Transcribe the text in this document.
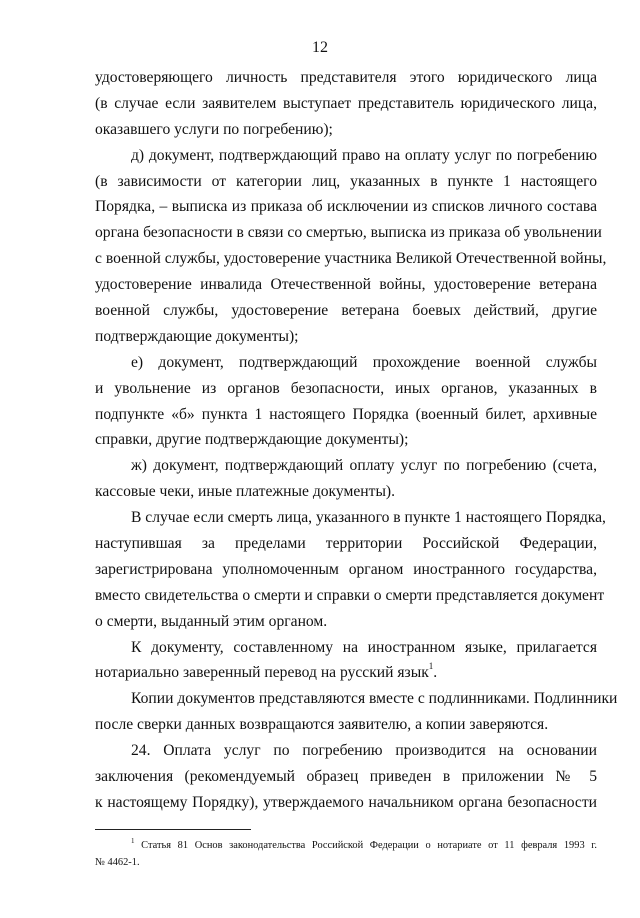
12
удостоверяющего личность представителя этого юридического лица
(в случае если заявителем выступает представитель юридического лица,
оказавшего услуги по погребению);
д) документ, подтверждающий право на оплату услуг по погребению
(в зависимости от категории лиц, указанных в пункте 1 настоящего
Порядка, – выписка из приказа об исключении из списков личного состава
органа безопасности в связи со смертью, выписка из приказа об увольнении
с военной службы, удостоверение участника Великой Отечественной войны,
удостоверение инвалида Отечественной войны, удостоверение ветерана
военной службы, удостоверение ветерана боевых действий, другие
подтверждающие документы);
е) документ, подтверждающий прохождение военной службы
и увольнение из органов безопасности, иных органов, указанных в
подпункте «б» пункта 1 настоящего Порядка (военный билет, архивные
справки, другие подтверждающие документы);
ж) документ, подтверждающий оплату услуг по погребению (счета,
кассовые чеки, иные платежные документы).
В случае если смерть лица, указанного в пункте 1 настоящего Порядка,
наступившая за пределами территории Российской Федерации,
зарегистрирована уполномоченным органом иностранного государства,
вместо свидетельства о смерти и справки о смерти представляется документ
о смерти, выданный этим органом.
К документу, составленному на иностранном языке, прилагается
нотариально заверенный перевод на русский язык$^1$.
Копии документов представляются вместе с подлинниками. Подлинники
после сверки данных возвращаются заявителю, а копии заверяются.
24. Оплата услуг по погребению производится на основании
заключения (рекомендуемый образец приведен в приложении № 5
к настоящему Порядку), утверждаемого начальником органа безопасности
$^1$ Статья 81 Основ законодательства Российской Федерации о нотариате от 11 февраля 1993 г.
№ 4462-1.
